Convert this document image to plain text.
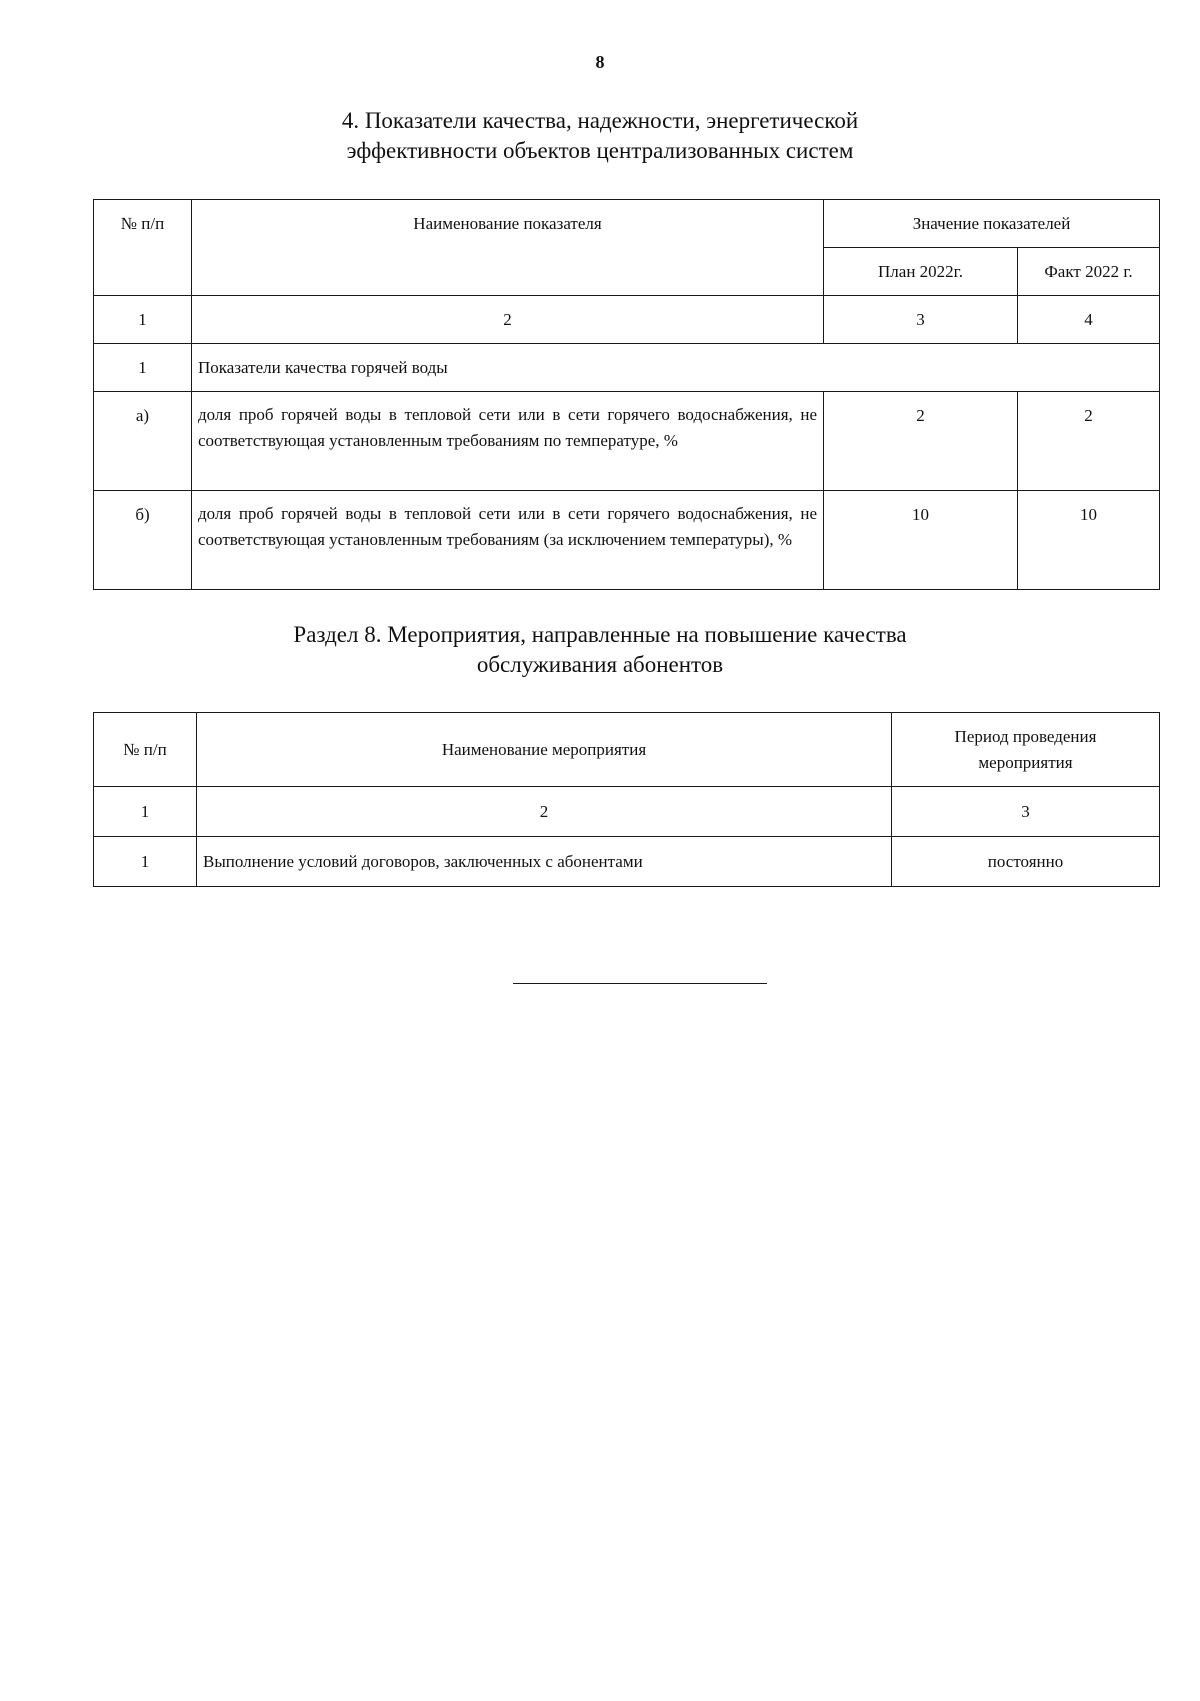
8
4. Показатели качества, надежности, энергетической
эффективности объектов централизованных систем
№ п/п	Наименование показателя	Значение показателей	
		План 2022г.	Факт 2022 г.
1	2	3	4
1	Показатели качества горячей воды		
а)	доля проб горячей воды в тепловой сети или в сети горячего водоснабжения, не соответствующая установленным требованиям по температуре, %	2	2
б)	доля проб горячей воды в тепловой сети или в сети горячего водоснабжения, не соответствующая установленным требованиям (за исключением температуры), %	10	10
Раздел 8. Мероприятия, направленные на повышение качества
обслуживания абонентов
№ п/п	Наименование мероприятия	Период проведения
мероприятия

1	2	3
1	Выполнение условий договоров, заключенных с абонентами	постоянно
